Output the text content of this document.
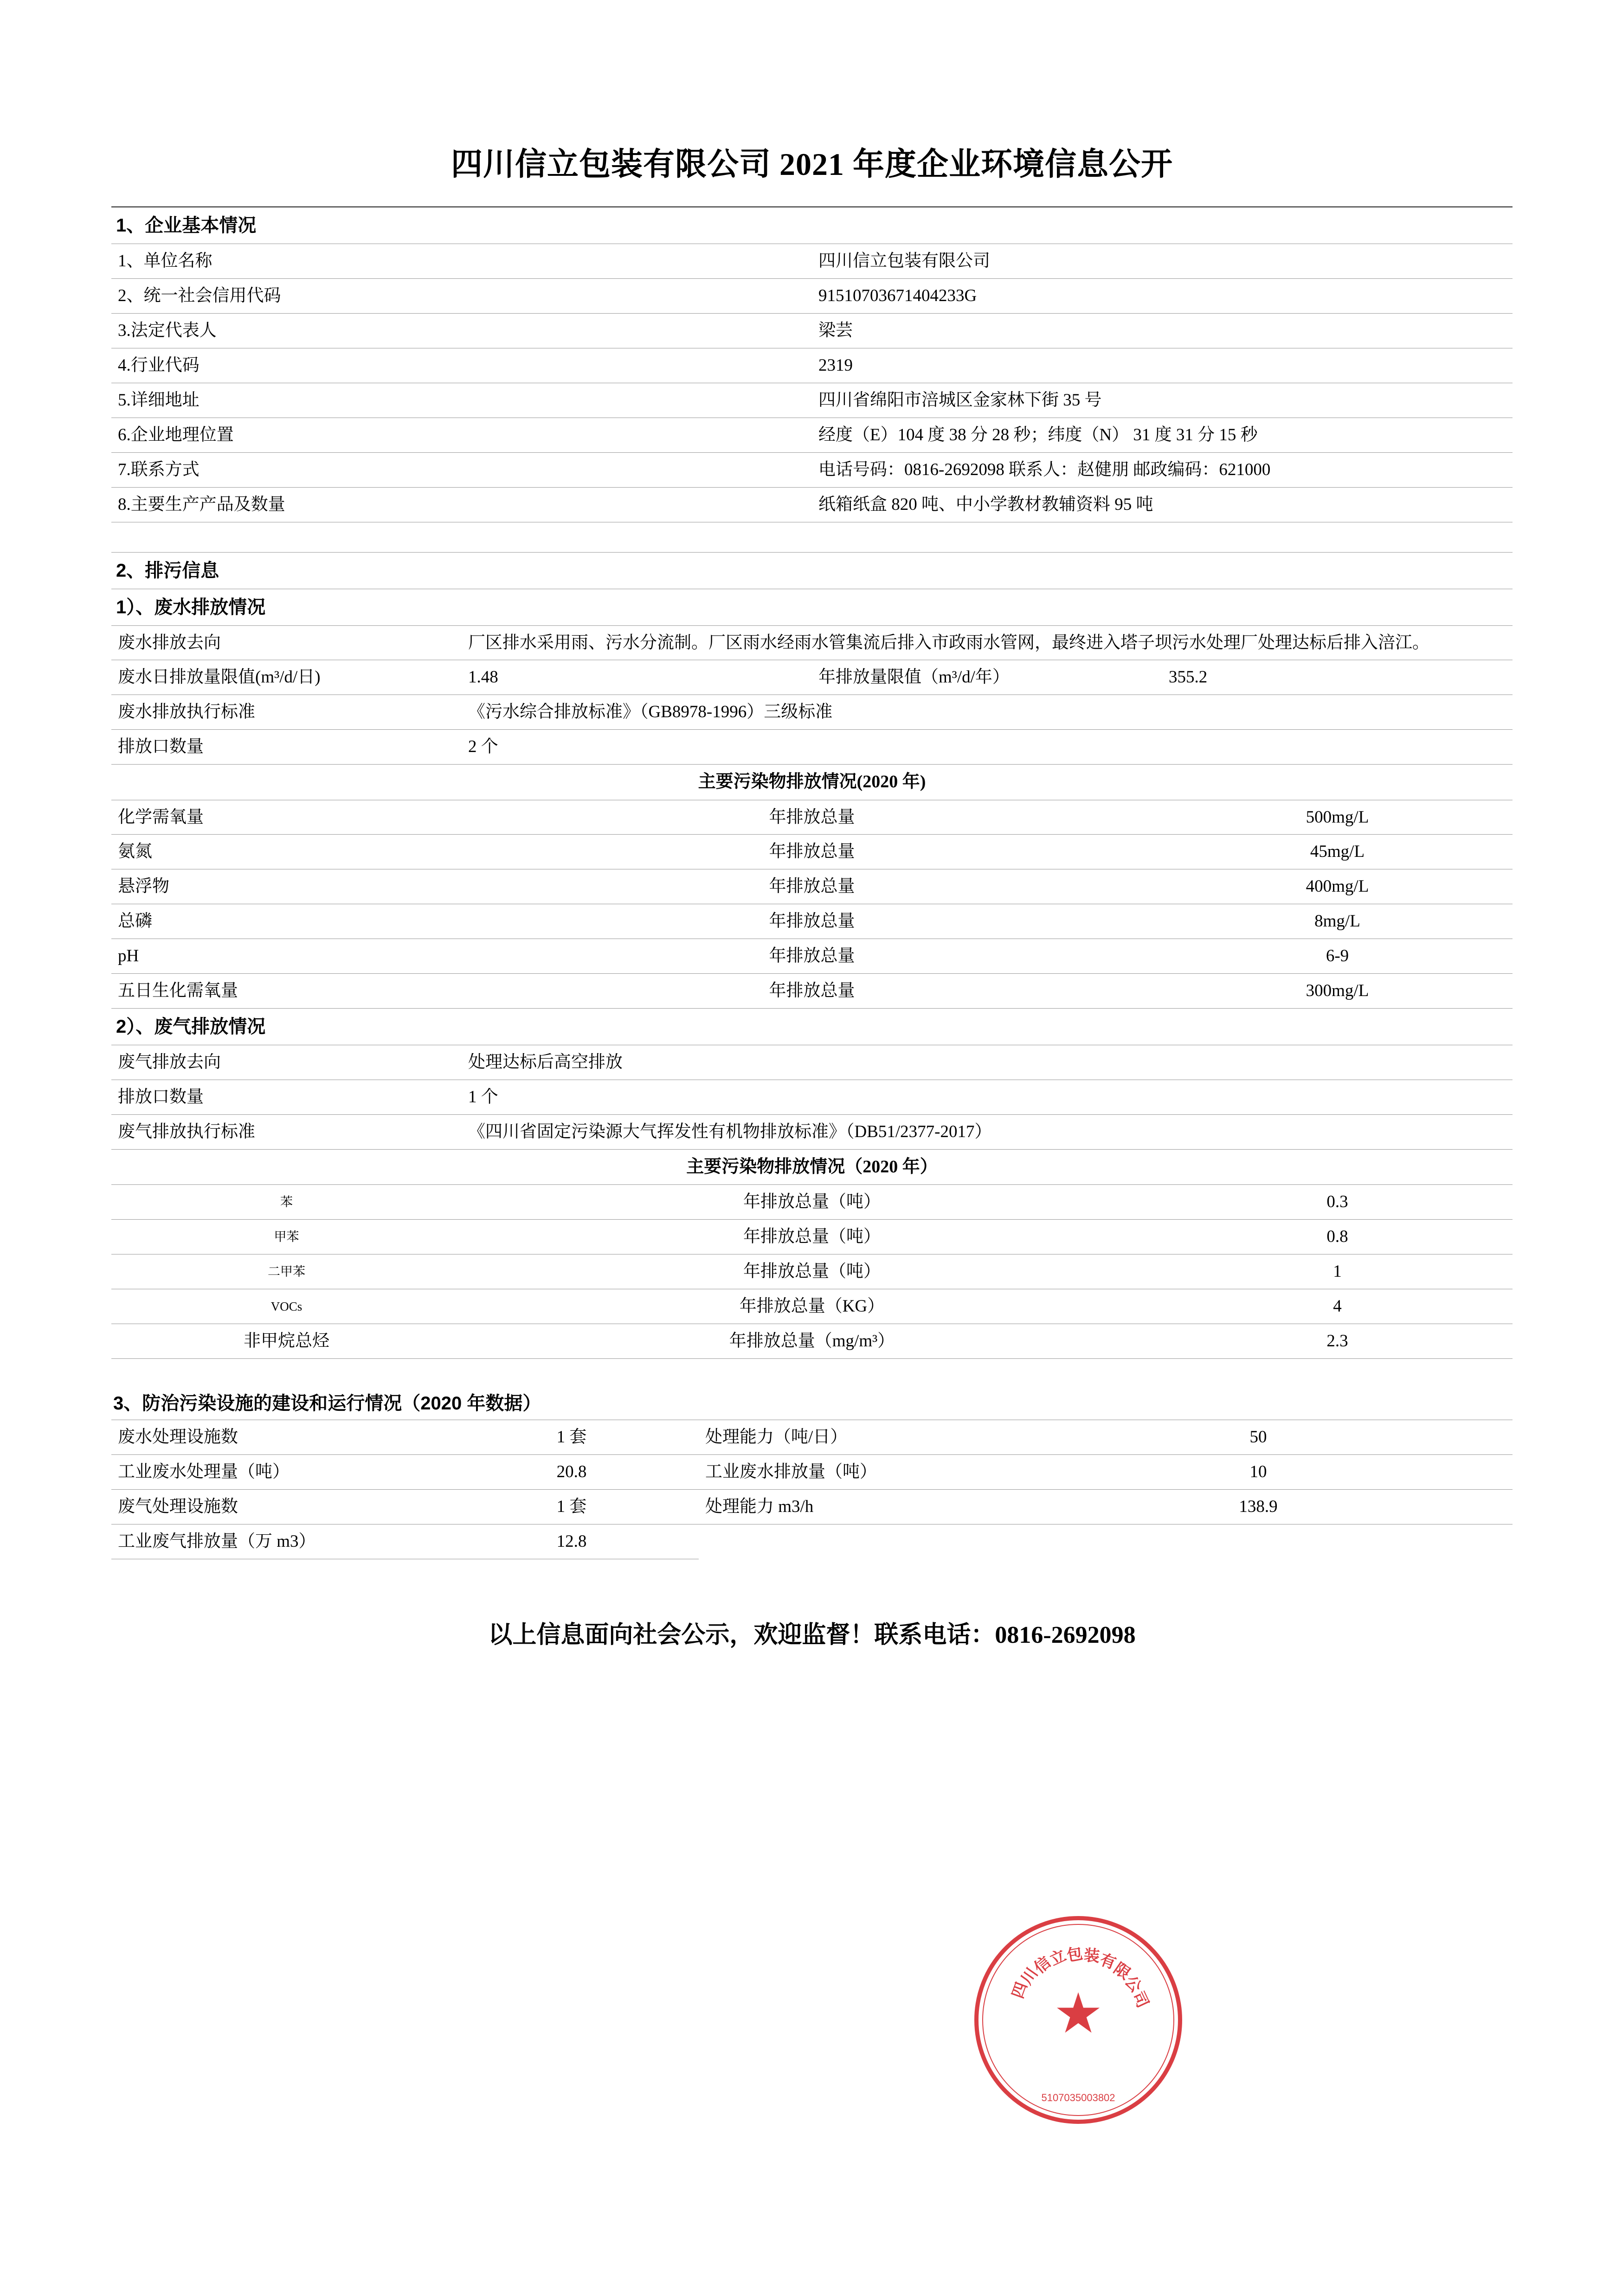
四川信立包装有限公司 2021 年度企业环境信息公开
1、企业基本情况	
1、单位名称	四川信立包装有限公司
2、统一社会信用代码	91510703671404233G
3.法定代表人	梁芸
4.行业代码	2319
5.详细地址	四川省绵阳市涪城区金家林下街 35 号
6.企业地理位置	经度（E）104 度 38 分 28 秒；纬度（N） 31 度 31 分 15 秒
7.联系方式	电话号码：0816-2692098 联系人：赵健朋 邮政编码：621000
8.主要生产产品及数量	纸箱纸盒 820 吨、中小学教材教辅资料 95 吨
2、排污信息			
1）、废水排放情况			
废水排放去向	厂区排水采用雨、污水分流制。厂区雨水经雨水管集流后排入市政雨水管网，最终进入塔子坝污水处理厂处理达标后排入涪江。		
废水日排放量限值(m³/d/日)	1.48	年排放量限值（m³/d/年）	355.2
废水排放执行标准	《污水综合排放标准》（GB8978-1996）三级标准		
排放口数量	2 个		
主要污染物排放情况(2020 年)			
化学需氧量	年排放总量		500mg/L
氨氮	年排放总量		45mg/L
悬浮物	年排放总量		400mg/L
总磷	年排放总量		8mg/L
pH	年排放总量		6-9
五日生化需氧量	年排放总量		300mg/L
2）、废气排放情况			
废气排放去向	处理达标后高空排放		
排放口数量	1 个		
废气排放执行标准	《四川省固定污染源大气挥发性有机物排放标准》（DB51/2377-2017）		
主要污染物排放情况（2020 年）			
苯	年排放总量（吨）		0.3
甲苯	年排放总量（吨）		0.8
二甲苯	年排放总量（吨）		1
VOCs	年排放总量（KG）		4
非甲烷总烃	年排放总量（mg/m³）		2.3
3、防治污染设施的建设和运行情况（2020 年数据）
废水处理设施数	1 套	处理能力（吨/日）	50
工业废水处理量（吨）	20.8	工业废水排放量（吨）	10
废气处理设施数	1 套	处理能力 m3/h	138.9
工业废气排放量（万 m3）	12.8		
以上信息面向社会公示，欢迎监督！联系电话：0816-2692098
★
四
川
信
立
包
装
有
限
公
司
5107035003802
